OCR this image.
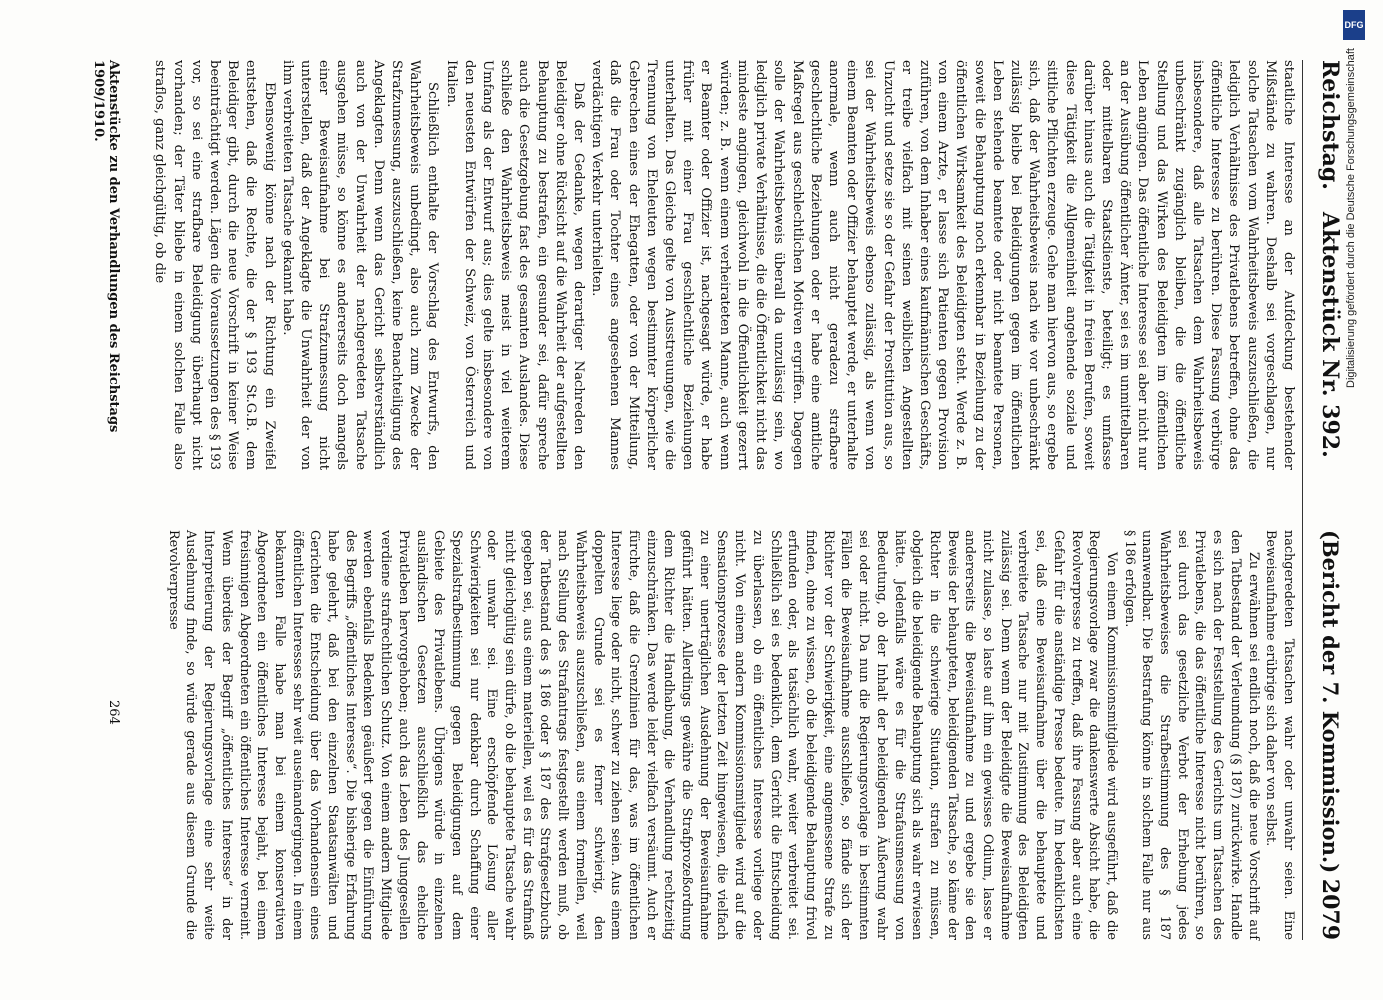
Reichstag.Aktenstück Nr. 392.
(Bericht der 7. Kommission.)
2079

staatliche Interesse an der Aufdeckung bestehender Mißstände zu wahren. Deshalb sei vorgeschlagen, nur solche Tatsachen vom Wahrheitsbeweis auszuschließen, die lediglich Verhältnisse des Privatlebens betreffen, ohne das öffentliche Interesse zu berühren. Diese Fassung verbürge insbesondere, daß alle Tatsachen dem Wahrheitsbeweis unbeschränkt zugänglich bleiben, die die öffentliche Stellung und das Wirken des Beleidigten im öffentlichen Leben angingen. Das öffentliche Interesse sei aber nicht nur an der Ausübung öffentlicher Ämter, sei es im unmittelbaren oder mittelbaren Staatsdienste, beteiligt; es umfasse darüber hinaus auch die Tätigkeit in freien Berufen, soweit diese Tätigkeit die Allgemeinheit angehende soziale und sittliche Pflichten erzeuge. Gehe man hiervon aus, so ergebe sich, daß der Wahrheitsbeweis nach wie vor unbeschränkt zulässig bleibe bei Beleidigungen gegen im öffentlichen Leben stehende beamtete oder nicht beamtete Personen, soweit die Behauptung noch erkennbar in Beziehung zu der öffentlichen Wirksamkeit des Beleidigten steht. Werde z. B. von einem Arzte, er lasse sich Patienten gegen Provision zuführen, von dem Inhaber eines kaufmännischen Geschäfts, er treibe vielfach mit seinen weiblichen Angestellten Unzucht und setze sie so der Gefahr der Prostitution aus, so sei der Wahrheitsbeweis ebenso zulässig, als wenn von einem Beamten oder Offizier behauptet werde, er unterhalte anormale, wenn auch nicht geradezu strafbare geschlechtliche Beziehungen oder er habe eine amtliche Maßregel aus geschlechtlichen Motiven ergriffen. Dagegen solle der Wahrheitsbeweis überall da unzulässig sein, wo lediglich private Verhältnisse, die die Öffentlichkeit nicht das mindeste angingen, gleichwohl in die Öffentlichkeit gezerrt würden; z. B. wenn einem verheirateten Manne, auch wenn er Beamter oder Offizier ist, nachgesagt würde, er habe früher mit einer Frau geschlechtliche Beziehungen unterhalten. Das Gleiche gelte von Ausstreuungen, wie die Trennung von Eheleuten wegen bestimmter körperlicher Gebrechen eines der Ehegatten, oder von der Mitteilung, daß die Frau oder Tochter eines angesehenen Mannes verdächtigen Verkehr unterhielten.

Daß der Gedanke, wegen derartiger Nachreden den Beleidiger ohne Rücksicht auf die Wahrheit der aufgestellten Behauptung zu bestrafen, ein gesunder sei, dafür spreche auch die Gesetzgebung fast des gesamten Auslandes. Diese schließe den Wahrheitsbeweis meist in viel weiterem Umfang als der Entwurf aus; dies gelte insbesondere von den neuesten Entwürfen der Schweiz, von Österreich und Italien.

Schließlich enthalte der Vorschlag des Entwurfs, den Wahrheitsbeweis unbedingt, also auch zum Zwecke der Strafzumessung, auszuschließen, keine Benachteiligung des Angeklagten. Denn wenn das Gericht selbstverständlich auch von der Unwahrheit der nachgeredeten Tatsache ausgehen müsse, so könne es andererseits doch mangels einer Beweisaufnahme bei Strafzumessung nicht unterstellen, daß der Angeklagte die Unwahrheit der von ihm verbreiteten Tatsache gekannt habe.

Ebensowenig könne nach der Richtung ein Zweifel entstehen, daß die Rechte, die der § 193 St.G.B. dem Beleidiger gibt, durch die neue Vorschrift in keiner Weise beeinträchtigt werden. Lägen die Voraussetzungen des § 193 vor, so sei eine strafbare Beleidigung überhaupt nicht vorhanden; der Täter bliebe in einem solchen Falle also straflos, ganz gleichgültig, ob die

nachgeredeten Tatsachen wahr oder unwahr seien. Eine Beweisaufnahme erübrige sich daher von selbst.

Zu erwähnen sei endlich noch, daß die neue Vorschrift auf den Tatbestand der Verleumdung (§ 187) zurückwirke. Handle es sich nach der Feststellung des Gerichts um Tatsachen des Privatlebens, die das öffentliche Interesse nicht berühren, so sei durch das gesetzliche Verbot der Erhebung jedes Wahrheitsbeweises die Strafbestimmung des § 187 unanwendbar. Die Bestrafung könne in solchem Falle nur aus § 186 erfolgen.

Von einem Kommissionsmitgliede wird ausgeführt, daß die Regierungsvorlage zwar die dankenswerte Absicht habe, die Revolverpresse zu treffen, daß ihre Fassung aber auch eine Gefahr für die anständige Presse bedeute. Im bedenklichsten sei, daß eine Beweisaufnahme über die behauptete und verbreitete Tatsache nur mit Zustimmung des Beleidigten zulässig sei. Denn wenn der Beleidigte die Beweisaufnahme nicht zulasse, so laste auf ihm ein gewisses Odium, lasse er andererseits die Beweisaufnahme zu und ergebe sie den Beweis der behaupteten, beleidigenden Tatsache, so käme der Richter in die schwierige Situation, strafen zu müssen, obgleich die beleidigende Behauptung sich als wahr erwiesen hätte. Jedenfalls wäre es für die Strafausmessung von Bedeutung, ob der Inhalt der beleidigenden Äußerung wahr sei oder nicht. Da nun die Regierungsvorlage in bestimmten Fällen die Beweisaufnahme ausschließe, so fände sich der Richter vor der Schwierigkeit, eine angemessene Strafe zu finden, ohne zu wissen, ob die beleidigende Behauptung frivol erfunden oder, als tatsächlich wahr, weiter verbreitet sei. Schließlich sei es bedenklich, dem Gericht die Entscheidung zu überlassen, ob ein öffentliches Interesse vorliege oder nicht. Von einem andern Kommissionsmitgliede wird auf die Sensationsprozesse der letzten Zeit hingewiesen, die vielfach zu einer unerträglichen Ausdehnung der Beweisaufnahme geführt hätten. Allerdings gewähre die Strafprozeßordnung dem Richter die Handhabung, die Verhandlung rechtzeitig einzuschränken. Das werde leider vielfach versäumt. Auch er fürchte, daß die Grenzlinien für das, was im öffentlichen Interesse liege oder nicht, schwer zu ziehen seien. Aus einem doppelten Grunde sei es ferner schwierig, den Wahrheitsbeweis auszuschließen, aus einem formellen, weil nach Stellung des Strafantrags festgestellt werden muß, ob der Tatbestand des § 186 oder § 187 des Strafgesetzbuchs gegeben sei, aus einem materiellen, weil es für das Strafmaß nicht gleichgültig sein dürfe, ob die behauptete Tatsache wahr oder unwahr sei. Eine erschöpfende Lösung aller Schwierigkeiten sei nur denkbar durch Schaffung einer Spezialstrafbestimmung gegen Beleidigungen auf dem Gebiete des Privatlebens. Übrigens würde in einzelnen ausländischen Gesetzen ausschließlich das eheliche Privatleben hervorgehoben; auch das Leben des Junggesellen verdiene strafrechtlichen Schutz. Von einem andern Mitgliede werden ebenfalls Bedenken geäußert gegen die Einführung des Begriffs „öffentliches Interesse“. Die bisherige Erfahrung habe gelehrt, daß bei den einzelnen Staatsanwälten und Gerichten die Entscheidung über das Vorhandensein eines öffentlichen Interesses sehr weit auseinandergingen. In einem bekannten Falle habe man bei einem konservativen Abgeordneten ein öffentliches Interesse bejaht, bei einem freisinnigen Abgeordneten ein öffentliches Interesse verneint. Wenn überdies der Begriff „öffentliches Interesse“ in der Interpretierung der Regierungsvorlage eine sehr weite Ausdehnung finde, so würde gerade aus diesem Grunde die Revolverpresse

Aktenstücke zu den Verhandlungen des Reichstags 1909/1910.
264
DFG
Digitalisierung gefördert durch die Deutsche Forschungsgemeinschaft
